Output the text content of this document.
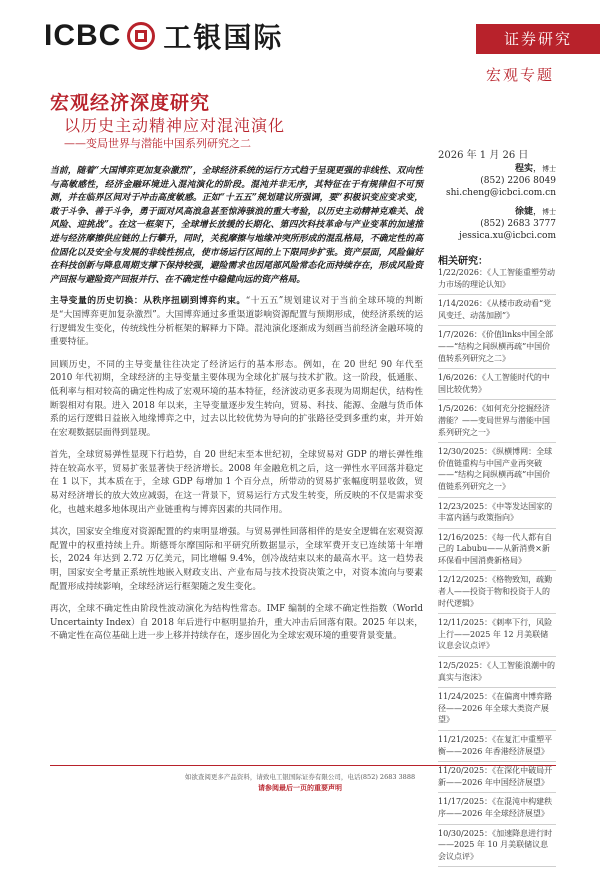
ICBC 工银国际	证券研究
宏观专题
宏观经济深度研究
以历史主动精神应对混沌演化
——变局世界与潜能中国系列研究之二
2026 年 1 月 26 日
程实，博士
(852) 2206 8049
shi.cheng@icbci.com.cn
徐婕，博士
(852) 2683 3777
jessica.xu@icbci.com

当前，随着“大国博弈更加复杂激烈”，全球经济系统的运行方式趋于呈现更强的非线性、双向性与高敏感性，经济金融环境进入混沌演化的阶段。混沌并非无序，其特征在于有规律但不可预测，并在临界区间对于冲击高度敏感。正如“十五五”规划建议所强调，要“积极识变应变求变，敢于斗争、善于斗争，勇于面对风高浪急甚至惊涛骇浪的重大考验，以历史主动精神克难关、战风险、迎挑战”。在这一框架下，全球增长放缓的长期化、第四次科技革命与产业变革的加速推进与经济摩擦供应链的上行攀升，同时，关税摩擦与地缘冲突所形成的混乱格局，不确定性的高位固化以及安全与发展的非线性拐点，使市场运行区间的上下限同步扩张。资产层面，风险偏好在科技创新与降息周期支撑下保持较强，避险需求也因尾部风险常态化而持续存在，形成风险资产回报与避险资产回报并行、在不确定性中稳健向远的资产格局。

主导变量的历史切换：从秩序扭刷到博弈约束。“十五五”规划建议对于当前全球环境的判断是“大国博弈更加复杂激烈”。大国博弈通过多重渠道影响资源配置与预期形成，使经济系统的运行逻辑发生变化，传统线性分析框架的解释力下降。混沌演化逐渐成为刻画当前经济金融环境的重要特征。

回顾历史，不同的主导变量往往决定了经济运行的基本形态。例如，在 20 世纪 90 年代至 2010 年代初期，全球经济的主导变量主要体现为全球化扩展与技术扩散。这一阶段，低通胀、低利率与相对较高的确定性构成了宏观环境的基本特征，经济波动更多表现为周期起伏，结构性断裂相对有限。进入 2018 年以来，主导变量逐步发生转向，贸易、科技、能源、金融与货币体系的运行逻辑日益嵌入地缘博弈之中，过去以比较优势为导向的扩张路径受到多重约束，并开始在宏观数据层面得到显现。

首先，全球贸易弹性显现下行趋势，自 20 世纪末至本世纪初，全球贸易对 GDP 的增长弹性维持在较高水平，贸易扩张显著快于经济增长。2008 年金融危机之后，这一弹性水平回落并稳定在 1 以下，其本质在于，全球 GDP 每增加 1 个百分点，所带动的贸易扩张幅度明显收敛，贸易对经济增长的放大效应减弱，在这一背景下，贸易运行方式发生转变，所反映的不仅是需求变化，也越来越多地体现出产业链重构与博弈因素的共同作用。

其次，国家安全维度对资源配置的约束明显增强。与贸易弹性回落相伴的是安全逻辑在宏观资源配置中的权重持续上升。斯德哥尔摩国际和平研究所数据显示，全球军费开支已连续第十年增长，2024 年达到 2.72 万亿美元，同比增幅 9.4%，创冷战结束以来的最高水平。这一趋势表明，国家安全考量正系统性地嵌入财政支出、产业布局与技术投资决策之中，对资本流向与要素配置形成持续影响，全球经济运行框架随之发生变化。

再次，全球不确定性由阶段性波动演化为结构性常态。IMF 编制的全球不确定性指数（World Uncertainty Index）自 2018 年后进行中枢明显抬升，重大冲击后回落有限。2025 年以来，不确定性在高位基础上进一步上移并持续存在，逐步固化为全球宏观环境的重要背景变量。

相关研究：
1/22/2026：《人工智能重塑劳动力市场的理论认知》
1/14/2026：《从楼市政动看“党风变迁、动荡加剧”》
1/7/2026：《价值links中国全部——“结构之间纵横再疏”中国价值转系列研究之二》
1/6/2026：《人工智能时代的中国比较优势》
1/5/2026：《如何充分挖掘经济潜能？——变局世界与潜能中国系列研究之一》
12/30/2025：《纵横博网：全球价值链重构与中国产业再突破——“结构之间纵横再疏”中国价值链系列研究之一》
12/23/2025：《中等发达国家的丰富内涵与政策指向》
12/16/2025：《每一代人都有自己的 Labubu——从新消费×新环保看中国消费新格局》
12/12/2025：《格物致知，疏勤者人——投资于物和投资于人的时代逻辑》
12/11/2025：《刺率下行，风险上行——2025 年 12 月美联储议息会议点评》
12/5/2025：《人工智能浪潮中的真实与泡沫》
11/24/2025：《在偏离中博弈路径——2026 年全球大类资产展望》
11/21/2025：《在复汇中重塑平衡——2026 年香港经济展望》
11/20/2025：《在深化中破局开新——2026 年中国经济展望》
11/17/2025：《在混沌中构建秩序——2026 年全球经济展望》
10/30/2025：《加速降息进行时——2025 年 10 月美联储议息会议点评》
如欲查阅更多产品资料，请致电工银国际证券有限公司，电话(852) 2683 3888
请参阅最后一页的重要声明
